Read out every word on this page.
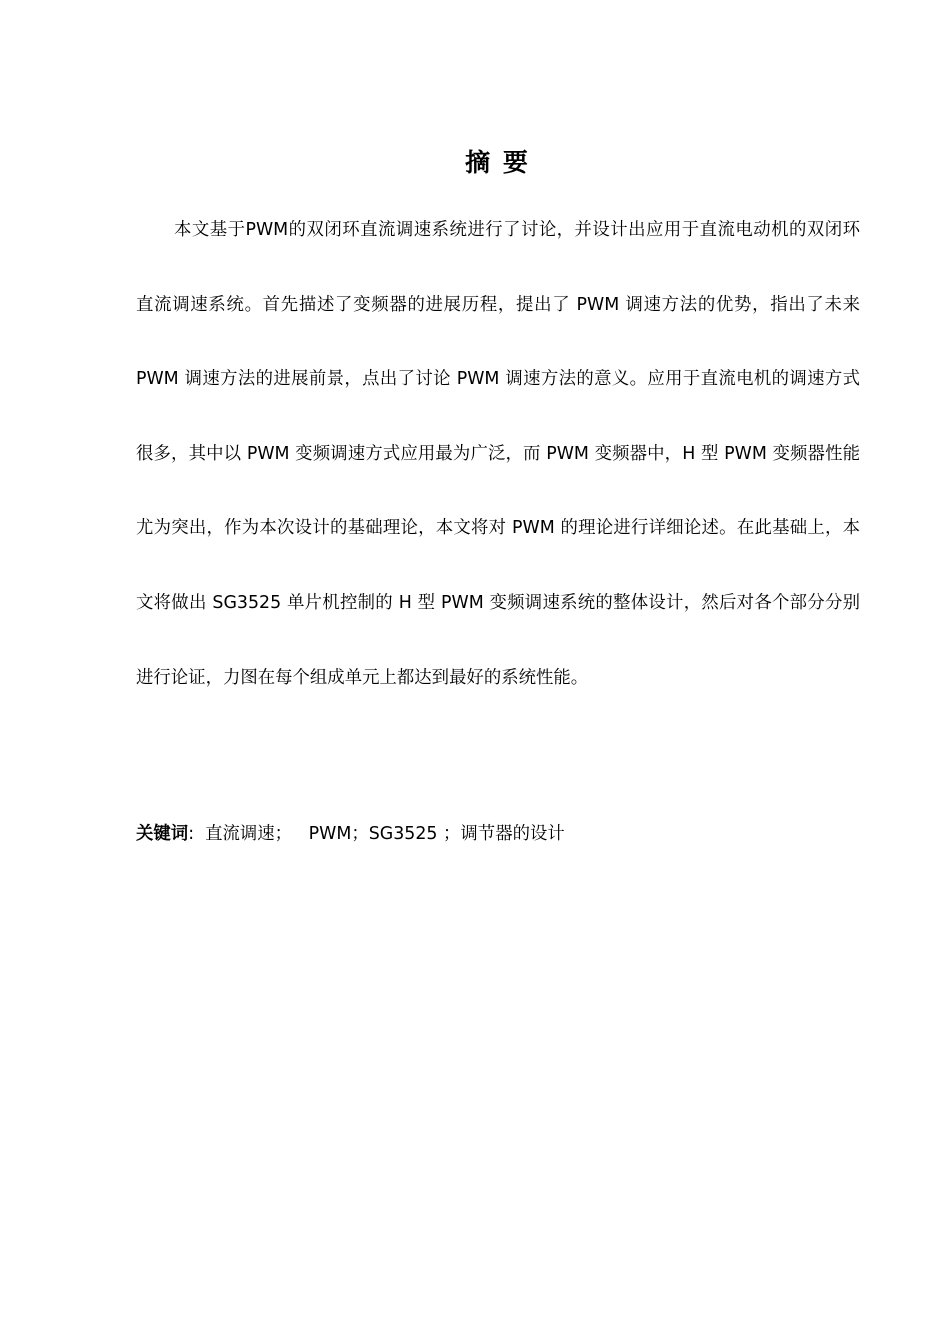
摘 要

本文基于PWM的双闭环直流调速系统进行了讨论，并设计出应用于直流电动机的双闭环直流调速系统。首先描述了变频器的进展历程，提出了 PWM 调速方法的优势，指出了未来 PWM 调速方法的进展前景，点出了讨论 PWM 调速方法的意义。应用于直流电机的调速方式很多，其中以 PWM 变频调速方式应用最为广泛，而 PWM 变频器中，H 型 PWM 变频器性能尤为突出，作为本次设计的基础理论，本文将对 PWM 的理论进行详细论述。在此基础上，本文将做出 SG3525 单片机控制的 H 型 PWM 变频调速系统的整体设计，然后对各个部分分别进行论证，力图在每个组成单元上都达到最好的系统性能。

关键词:  直流调速；   PWM；SG3525 ；调节器的设计
